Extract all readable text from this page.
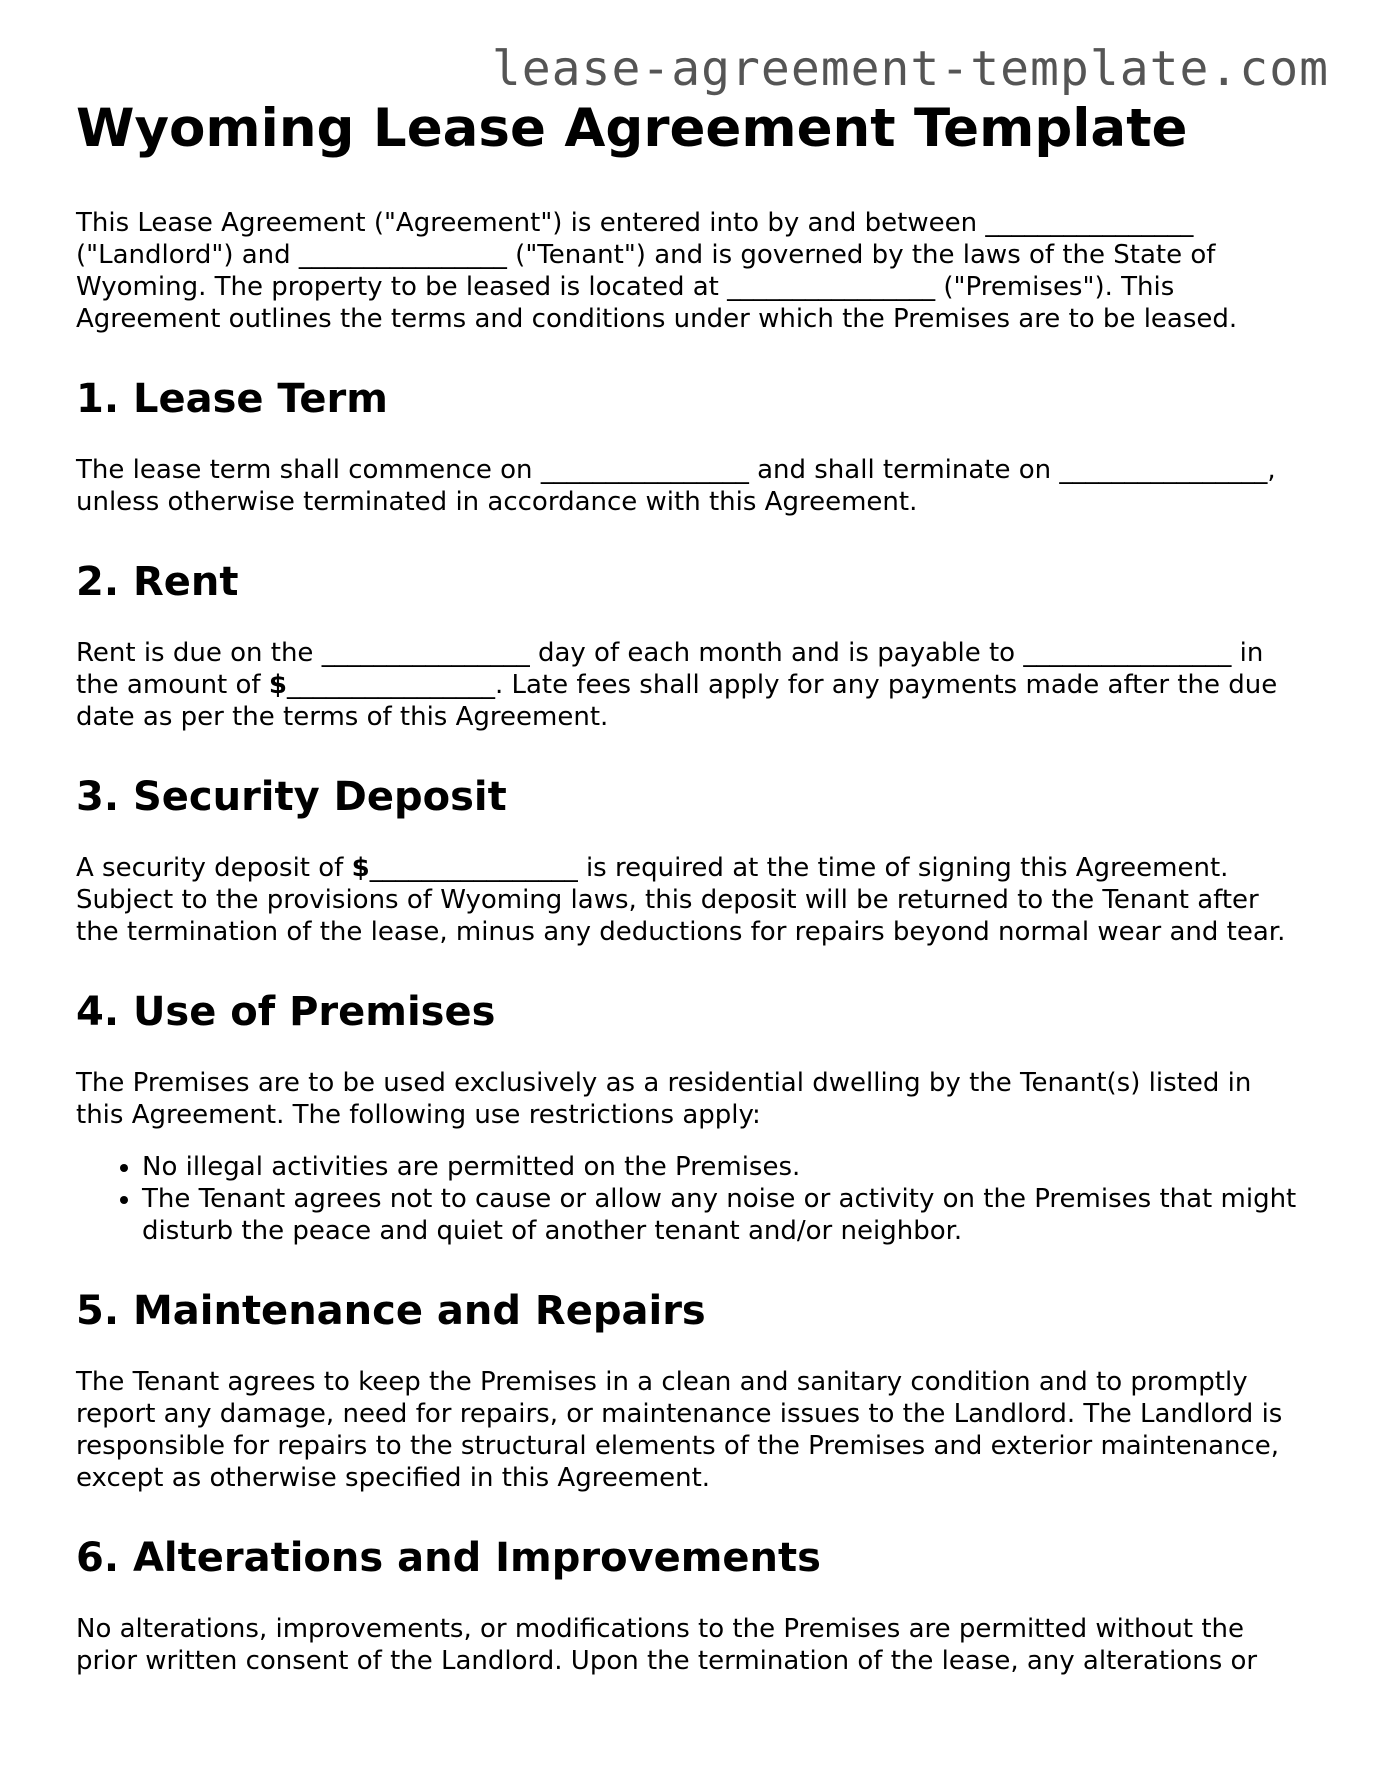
lease-agreement-template.com
Wyoming Lease Agreement Template

This Lease Agreement ("Agreement") is entered into by and between ________________ ("Landlord") and ________________ ("Tenant") and is governed by the laws of the State of Wyoming. The property to be leased is located at ________________ ("Premises"). This Agreement outlines the terms and conditions under which the Premises are to be leased.

1. Lease Term

The lease term shall commence on ________________ and shall terminate on ________________, unless otherwise terminated in accordance with this Agreement.

2. Rent

Rent is due on the ________________ day of each month and is payable to ________________ in the amount of $________________. Late fees shall apply for any payments made after the due date as per the terms of this Agreement.

3. Security Deposit

A security deposit of $________________ is required at the time of signing this Agreement. Subject to the provisions of Wyoming laws, this deposit will be returned to the Tenant after the termination of the lease, minus any deductions for repairs beyond normal wear and tear.

4. Use of Premises

The Premises are to be used exclusively as a residential dwelling by the Tenant(s) listed in this Agreement. The following use restrictions apply:

• No illegal activities are permitted on the Premises.
• The Tenant agrees not to cause or allow any noise or activity on the Premises that might disturb the peace and quiet of another tenant and/or neighbor.
5. Maintenance and Repairs

The Tenant agrees to keep the Premises in a clean and sanitary condition and to promptly report any damage, need for repairs, or maintenance issues to the Landlord. The Landlord is responsible for repairs to the structural elements of the Premises and exterior maintenance, except as otherwise specified in this Agreement.

6. Alterations and Improvements

No alterations, improvements, or modifications to the Premises are permitted without the prior written consent of the Landlord. Upon the termination of the lease, any alterations or
